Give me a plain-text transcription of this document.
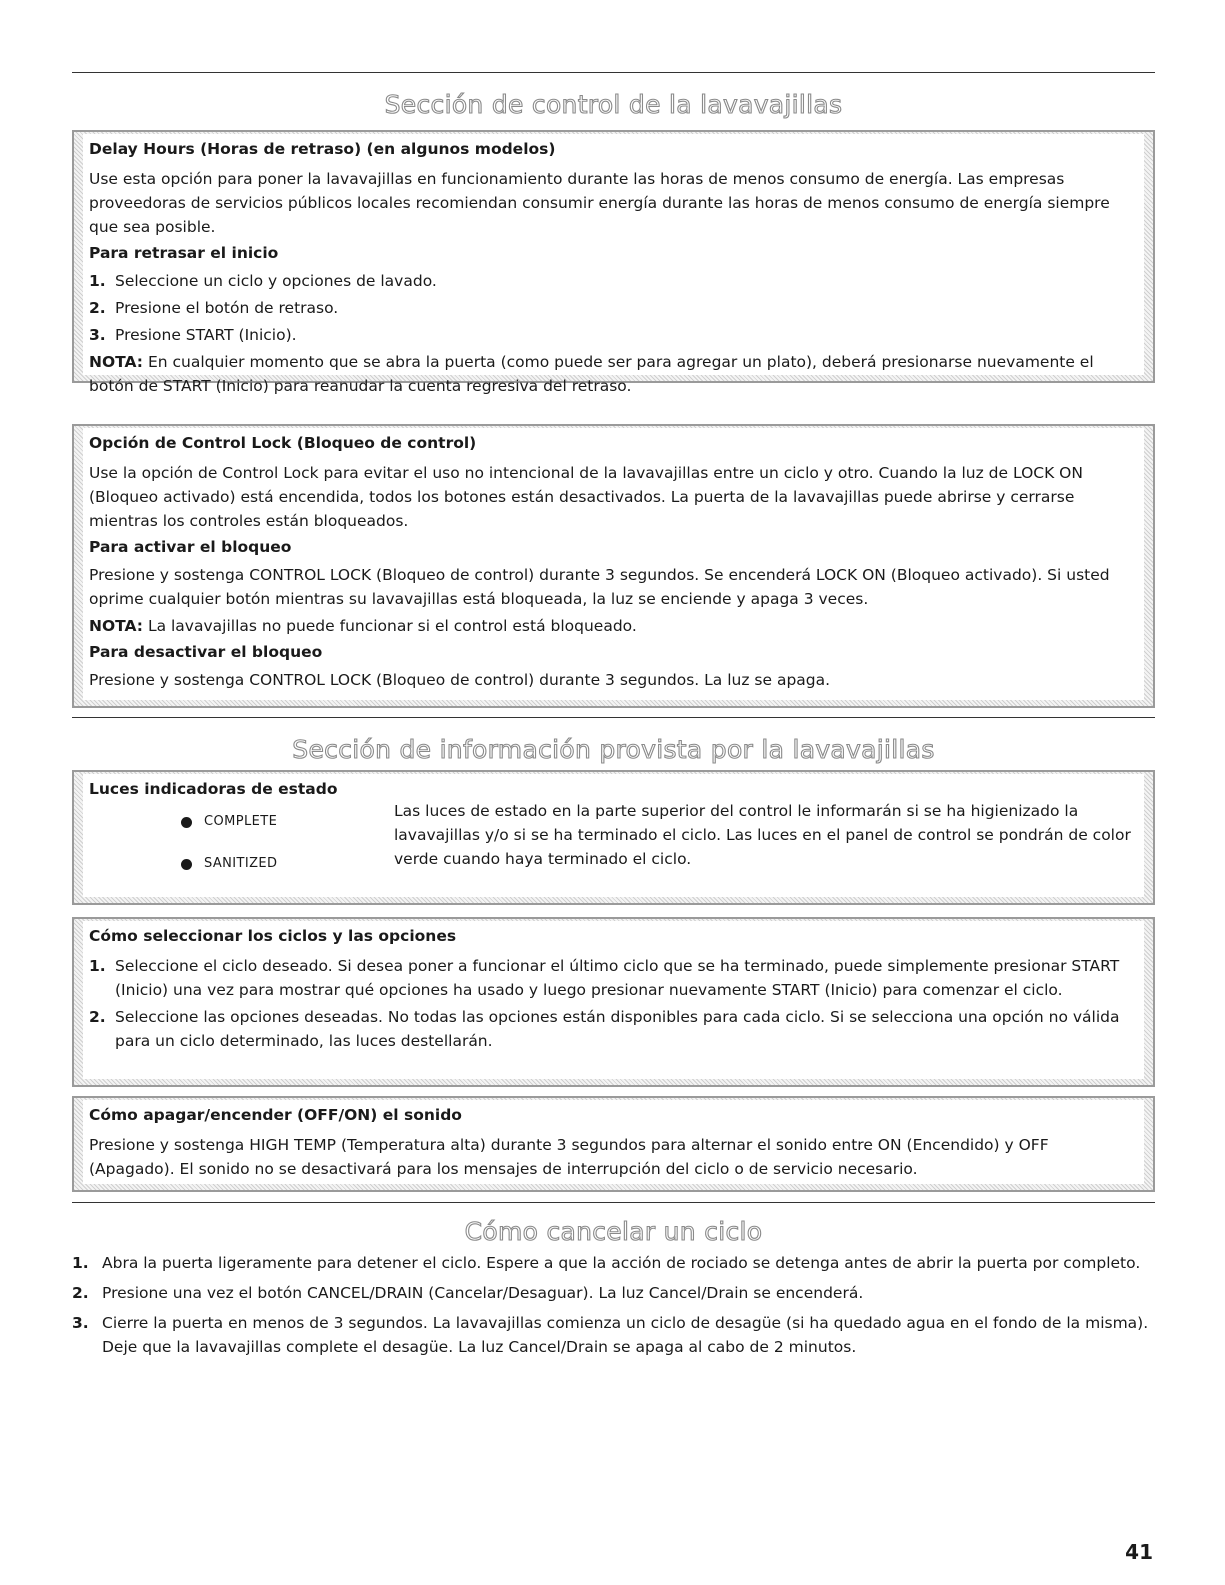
Sección de control de la lavavajillas
Delay Hours (Horas de retraso) (en algunos modelos)
Use esta opción para poner la lavavajillas en funcionamiento durante las horas de menos consumo de energía. Las empresas proveedoras de servicios públicos locales recomiendan consumir energía durante las horas de menos consumo de energía siempre que sea posible.
Para retrasar el inicio
1. Seleccione un ciclo y opciones de lavado.
2. Presione el botón de retraso.
3. Presione START (Inicio).
NOTA: En cualquier momento que se abra la puerta (como puede ser para agregar un plato), deberá presionarse nuevamente el botón de START (Inicio) para reanudar la cuenta regresiva del retraso.
Opción de Control Lock (Bloqueo de control)
Use la opción de Control Lock para evitar el uso no intencional de la lavavajillas entre un ciclo y otro. Cuando la luz de LOCK ON (Bloqueo activado) está encendida, todos los botones están desactivados. La puerta de la lavavajillas puede abrirse y cerrarse mientras los controles están bloqueados.
Para activar el bloqueo
Presione y sostenga CONTROL LOCK (Bloqueo de control) durante 3 segundos. Se encenderá LOCK ON (Bloqueo activado). Si usted oprime cualquier botón mientras su lavavajillas está bloqueada, la luz se enciende y apaga 3 veces.
NOTA: La lavavajillas no puede funcionar si el control está bloqueado.
Para desactivar el bloqueo
Presione y sostenga CONTROL LOCK (Bloqueo de control) durante 3 segundos. La luz se apaga.
Sección de información provista por la lavavajillas
Luces indicadoras de estado
COMPLETE
SANITIZED
Las luces de estado en la parte superior del control le informarán si se ha higienizado la lavavajillas y/o si se ha terminado el ciclo. Las luces en el panel de control se pondrán de color verde cuando haya terminado el ciclo.
Cómo seleccionar los ciclos y las opciones
1. Seleccione el ciclo deseado. Si desea poner a funcionar el último ciclo que se ha terminado, puede simplemente presionar START (Inicio) una vez para mostrar qué opciones ha usado y luego presionar nuevamente START (Inicio) para comenzar el ciclo.
2. Seleccione las opciones deseadas. No todas las opciones están disponibles para cada ciclo. Si se selecciona una opción no válida para un ciclo determinado, las luces destellarán.
Cómo apagar/encender (OFF/ON) el sonido
Presione y sostenga HIGH TEMP (Temperatura alta) durante 3 segundos para alternar el sonido entre ON (Encendido) y OFF (Apagado). El sonido no se desactivará para los mensajes de interrupción del ciclo o de servicio necesario.
Cómo cancelar un ciclo
1. Abra la puerta ligeramente para detener el ciclo. Espere a que la acción de rociado se detenga antes de abrir la puerta por completo.
2. Presione una vez el botón CANCEL/DRAIN (Cancelar/Desaguar). La luz Cancel/Drain se encenderá.
3. Cierre la puerta en menos de 3 segundos. La lavavajillas comienza un ciclo de desagüe (si ha quedado agua en el fondo de la misma). Deje que la lavavajillas complete el desagüe. La luz Cancel/Drain se apaga al cabo de 2 minutos.
41
